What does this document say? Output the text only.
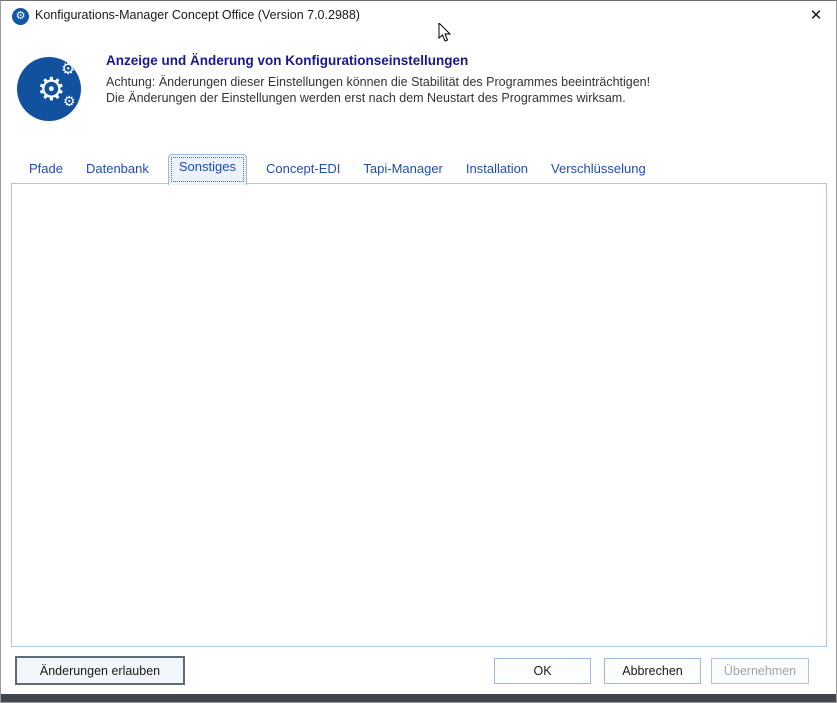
⚙ Konfigurations-Manager Concept Office (Version 7.0.2988)	✕
⚙
⚙
⚙
Anzeige und Änderung von Konfigurationseinstellungen
Achtung: Änderungen dieser Einstellungen können die Stabilität des Programmes beeinträchtigen! Die Änderungen der Einstellungen werden erst nach dem Neustart des Programmes wirksam.
Pfade	Datenbank	Sonstiges	Concept-EDI	Tapi-Manager	Installation	Verschlüsselung
✓
C:\COSQL\Data\Logs\Benutzer\d.strobel20210423.Log
✓
0
Änderungen erlauben	OK	Abbrechen	Übernehmen
